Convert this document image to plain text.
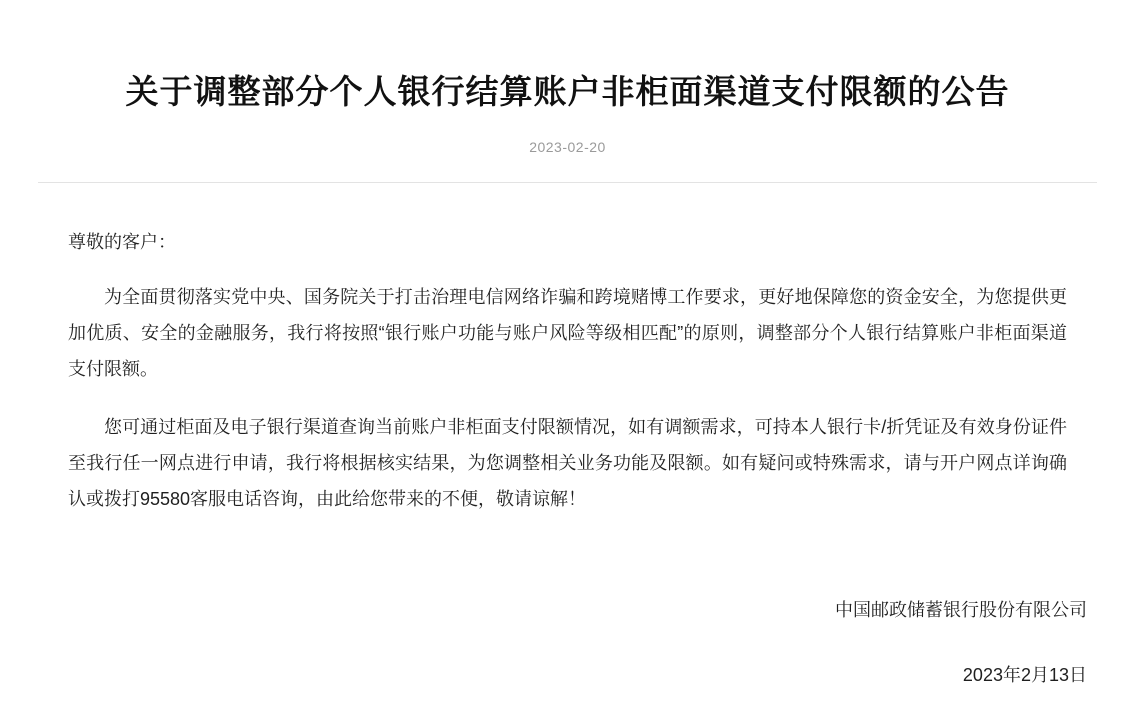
关于调整部分个人银行结算账户非柜面渠道支付限额的公告
2023-02-20
尊敬的客户：

为全面贯彻落实党中央、国务院关于打击治理电信网络诈骗和跨境赌博工作要求，更好地保障您的资金安全，为您提供更加优质、安全的金融服务，我行将按照“银行账户功能与账户风险等级相匹配”的原则，调整部分个人银行结算账户非柜面渠道支付限额。

您可通过柜面及电子银行渠道查询当前账户非柜面支付限额情况，如有调额需求，可持本人银行卡/折凭证及有效身份证件至我行任一网点进行申请，我行将根据核实结果，为您调整相关业务功能及限额。如有疑问或特殊需求，请与开户网点详询确认或拨打95580客服电话咨询，由此给您带来的不便，敬请谅解！

中国邮政储蓄银行股份有限公司
2023年2月13日
